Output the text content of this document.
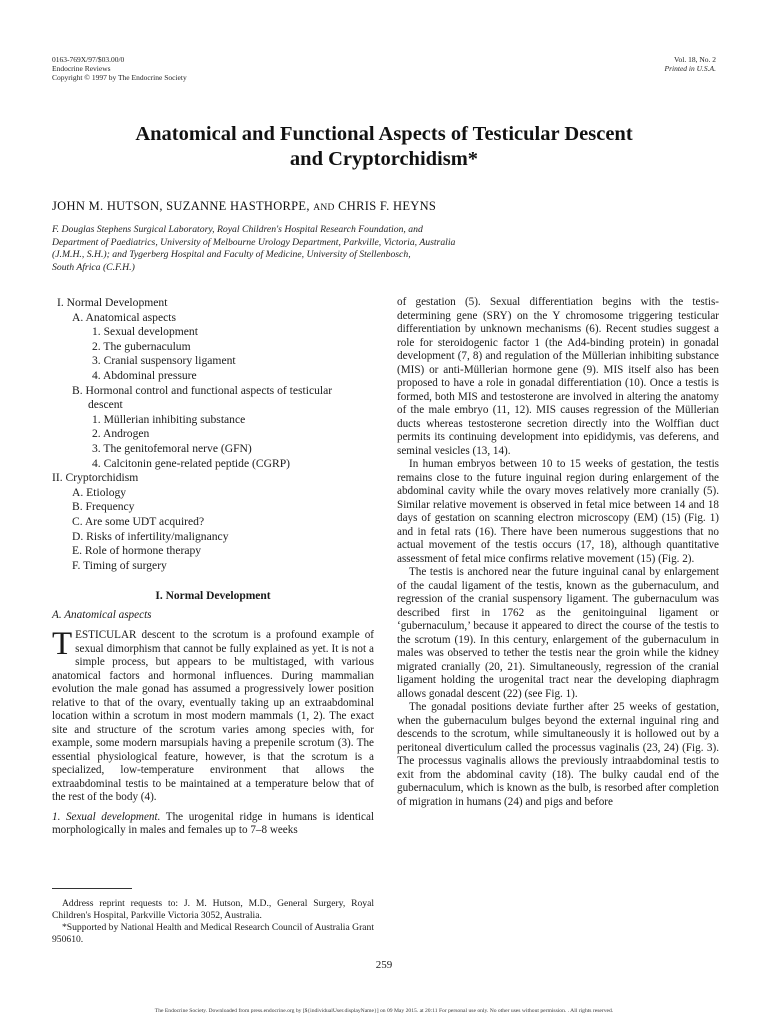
0163-769X/97/$03.00/0
Endocrine Reviews
Copyright © 1997 by The Endocrine Society
Vol. 18, No. 2
Printed in U.S.A.
Anatomical and Functional Aspects of Testicular Descent
and Cryptorchidism*
JOHN M. HUTSON, SUZANNE HASTHORPE, AND CHRIS F. HEYNS
F. Douglas Stephens Surgical Laboratory, Royal Children's Hospital Research Foundation, and
Department of Paediatrics, University of Melbourne Urology Department, Parkville, Victoria, Australia
(J.M.H., S.H.); and Tygerberg Hospital and Faculty of Medicine, University of Stellenbosch,
South Africa (C.F.H.)
I. Normal Development
A. Anatomical aspects
1. Sexual development
2. The gubernaculum
3. Cranial suspensory ligament
4. Abdominal pressure
B. Hormonal control and functional aspects of testicular
descent
1. Müllerian inhibiting substance
2. Androgen
3. The genitofemoral nerve (GFN)
4. Calcitonin gene-related peptide (CGRP)
II. Cryptorchidism
A. Etiology
B. Frequency
C. Are some UDT acquired?
D. Risks of infertility/malignancy
E. Role of hormone therapy
F. Timing of surgery
I. Normal Development
A. Anatomical aspects

TESTICULAR descent to the scrotum is a profound example of sexual dimorphism that cannot be fully explained as yet. It is not a simple process, but appears to be multistaged, with various anatomical factors and hormonal influences. During mammalian evolution the male gonad has assumed a progressively lower position relative to that of the ovary, eventually taking up an extraabdominal location within a scrotum in most modern mammals (1, 2). The exact site and structure of the scrotum varies among species with, for example, some modern marsupials having a prepenile scrotum (3). The essential physiological feature, however, is that the scrotum is a specialized, low-temperature environment that allows the extraabdominal testis to be maintained at a temperature below that of the rest of the body (4).

1. Sexual development. The urogenital ridge in humans is identical morphologically in males and females up to 7–8 weeks

of gestation (5). Sexual differentiation begins with the testis-determining gene (SRY) on the Y chromosome triggering testicular differentiation by unknown mechanisms (6). Recent studies suggest a role for steroidogenic factor 1 (the Ad4-binding protein) in gonadal development (7, 8) and regulation of the Müllerian inhibiting substance (MIS) or anti-Müllerian hormone gene (9). MIS itself also has been proposed to have a role in gonadal differentiation (10). Once a testis is formed, both MIS and testosterone are involved in altering the anatomy of the male embryo (11, 12). MIS causes regression of the Müllerian ducts whereas testosterone secretion directly into the Wolffian duct permits its continuing development into epididymis, vas deferens, and seminal vesicles (13, 14).

In human embryos between 10 to 15 weeks of gestation, the testis remains close to the future inguinal region during enlargement of the abdominal cavity while the ovary moves relatively more cranially (5). Similar relative movement is observed in fetal mice between 14 and 18 days of gestation on scanning electron microscopy (EM) (15) (Fig. 1) and in fetal rats (16). There have been numerous suggestions that no actual movement of the testis occurs (17, 18), although quantitative assessment of fetal mice confirms relative movement (15) (Fig. 2).

The testis is anchored near the future inguinal canal by enlargement of the caudal ligament of the testis, known as the gubernaculum, and regression of the cranial suspensory ligament. The gubernaculum was described first in 1762 as the genitoinguinal ligament or ‘gubernaculum,’ because it appeared to direct the course of the testis to the scrotum (19). In this century, enlargement of the gubernaculum in males was observed to tether the testis near the groin while the kidney migrated cranially (20, 21). Simultaneously, regression of the cranial ligament holding the urogenital tract near the developing diaphragm allows gonadal descent (22) (see Fig. 1).

The gonadal positions deviate further after 25 weeks of gestation, when the gubernaculum bulges beyond the external inguinal ring and descends to the scrotum, while simultaneously it is hollowed out by a peritoneal diverticulum called the processus vaginalis (23, 24) (Fig. 3). The processus vaginalis allows the previously intraabdominal testis to exit from the abdominal cavity (18). The bulky caudal end of the gubernaculum, which is known as the bulb, is resorbed after completion of migration in humans (24) and pigs and before

Address reprint requests to: J. M. Hutson, M.D., General Surgery, Royal Children's Hospital, Parkville Victoria 3052, Australia.

*Supported by National Health and Medical Research Council of Australia Grant 950610.

259
The Endocrine Society. Downloaded from press.endocrine.org by [${individualUser.displayName}] on 09 May 2015. at 20:11 For personal use only. No other uses without permission. . All rights reserved.
